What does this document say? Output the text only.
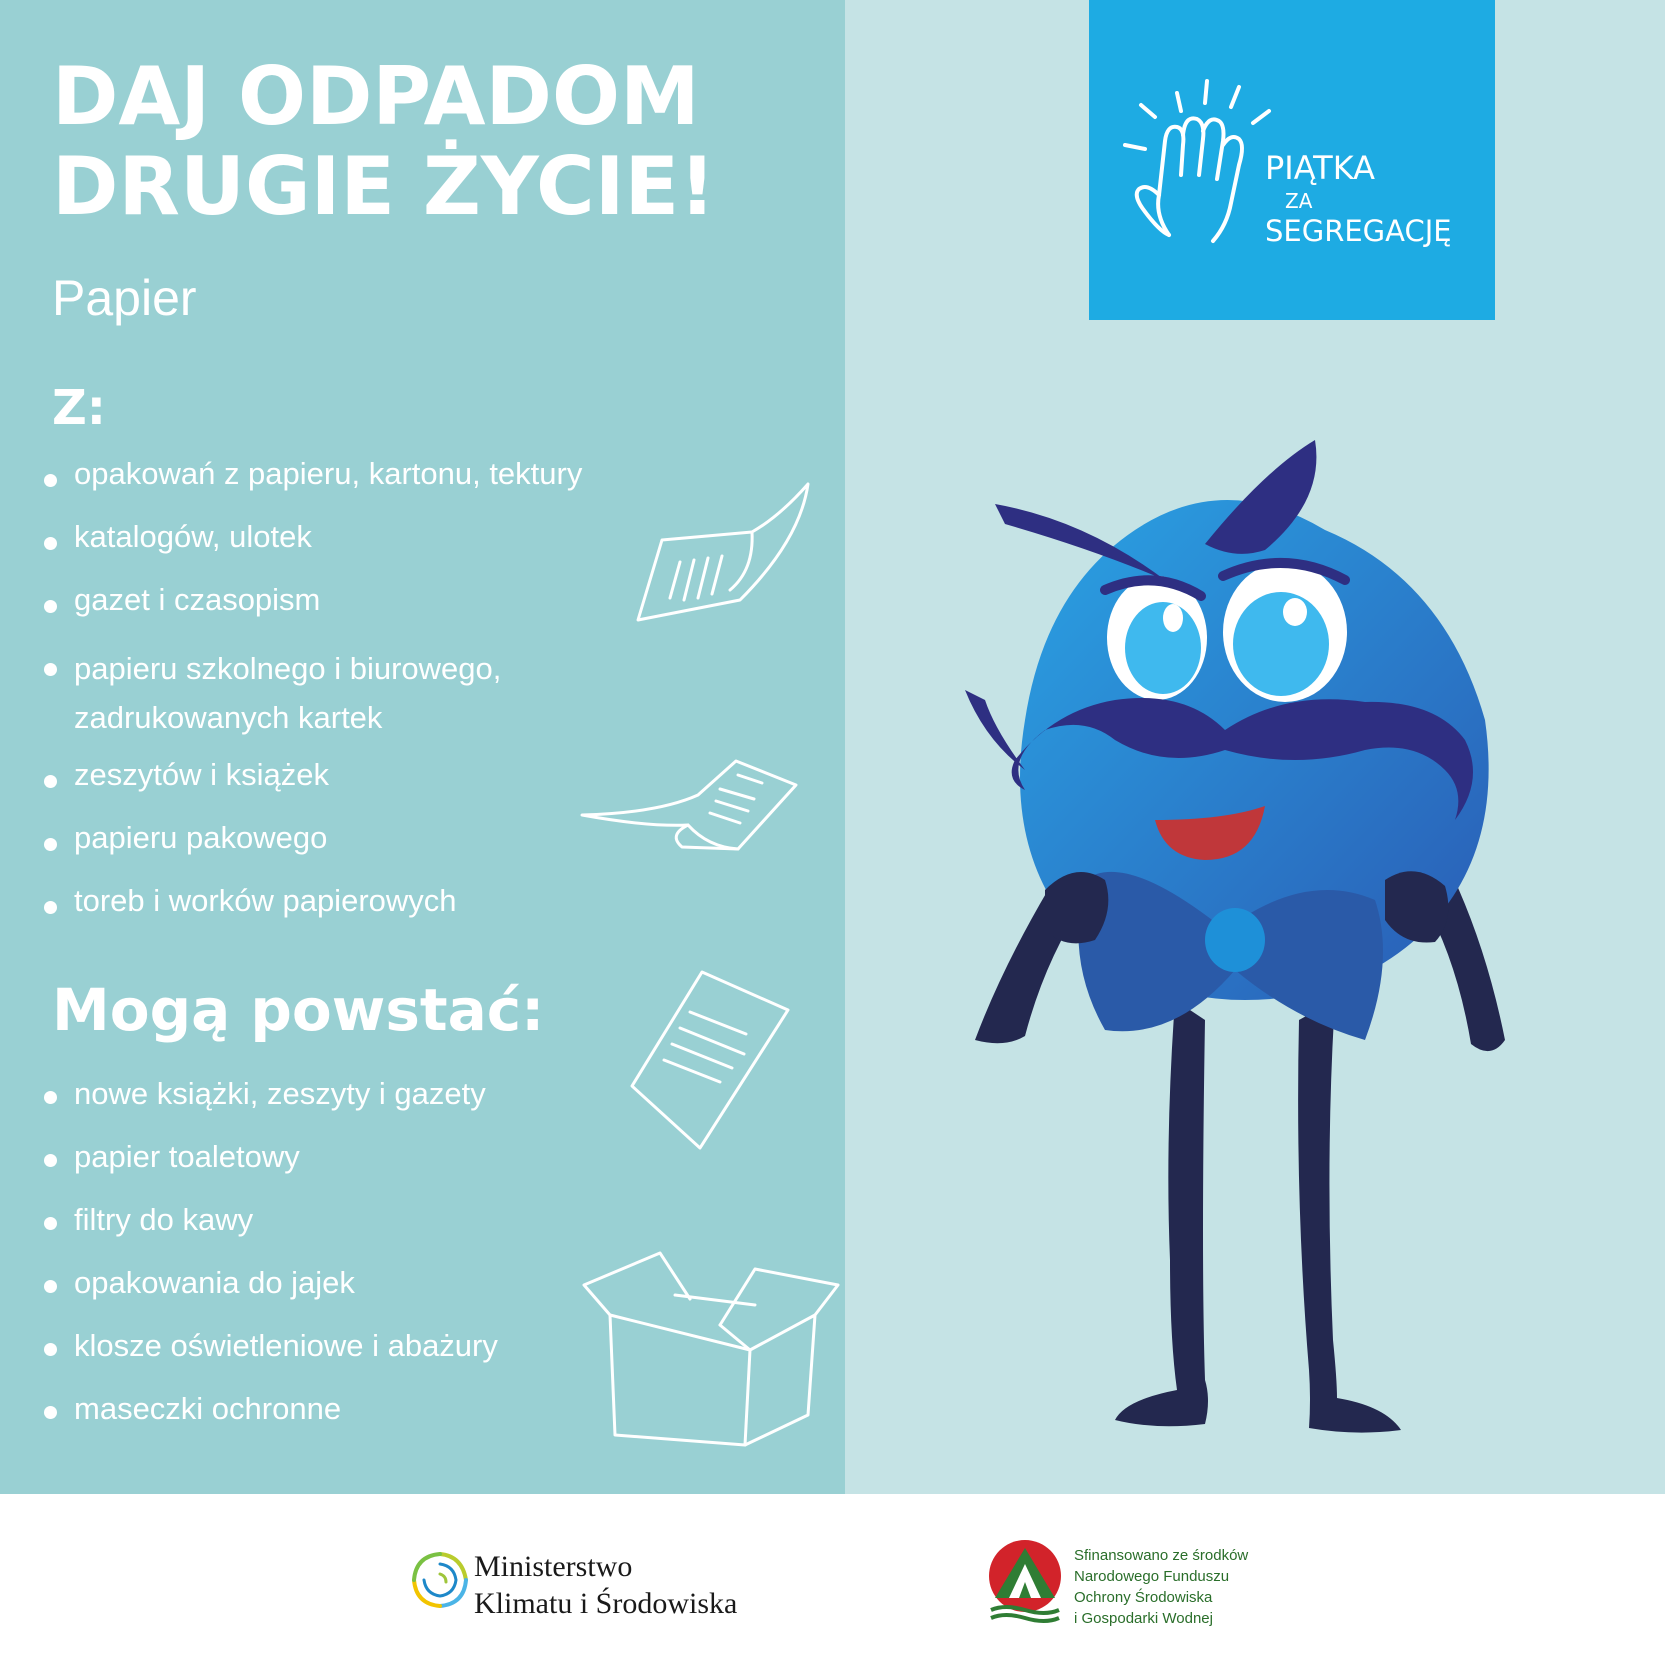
DAJ ODPADOM
DRUGIE ŻYCIE!
Papier
Z:
opakowań z papieru, kartonu, tektury
katalogów, ulotek
gazet i czasopism
papieru szkolnego i biurowego,
zadrukowanych kartek
zeszytów i książek
papieru pakowego
toreb i worków papierowych
Mogą powstać:
nowe książki, zeszyty i gazety
papier toaletowy
filtry do kawy
opakowania do jajek
klosze oświetleniowe i abażury
maseczki ochronne
PIĄTKA
ZA
SEGREGACJĘ
Ministerstwo
Klimatu i Środowiska
Sfinansowano ze środków
Narodowego Funduszu
Ochrony Środowiska
i Gospodarki Wodnej
